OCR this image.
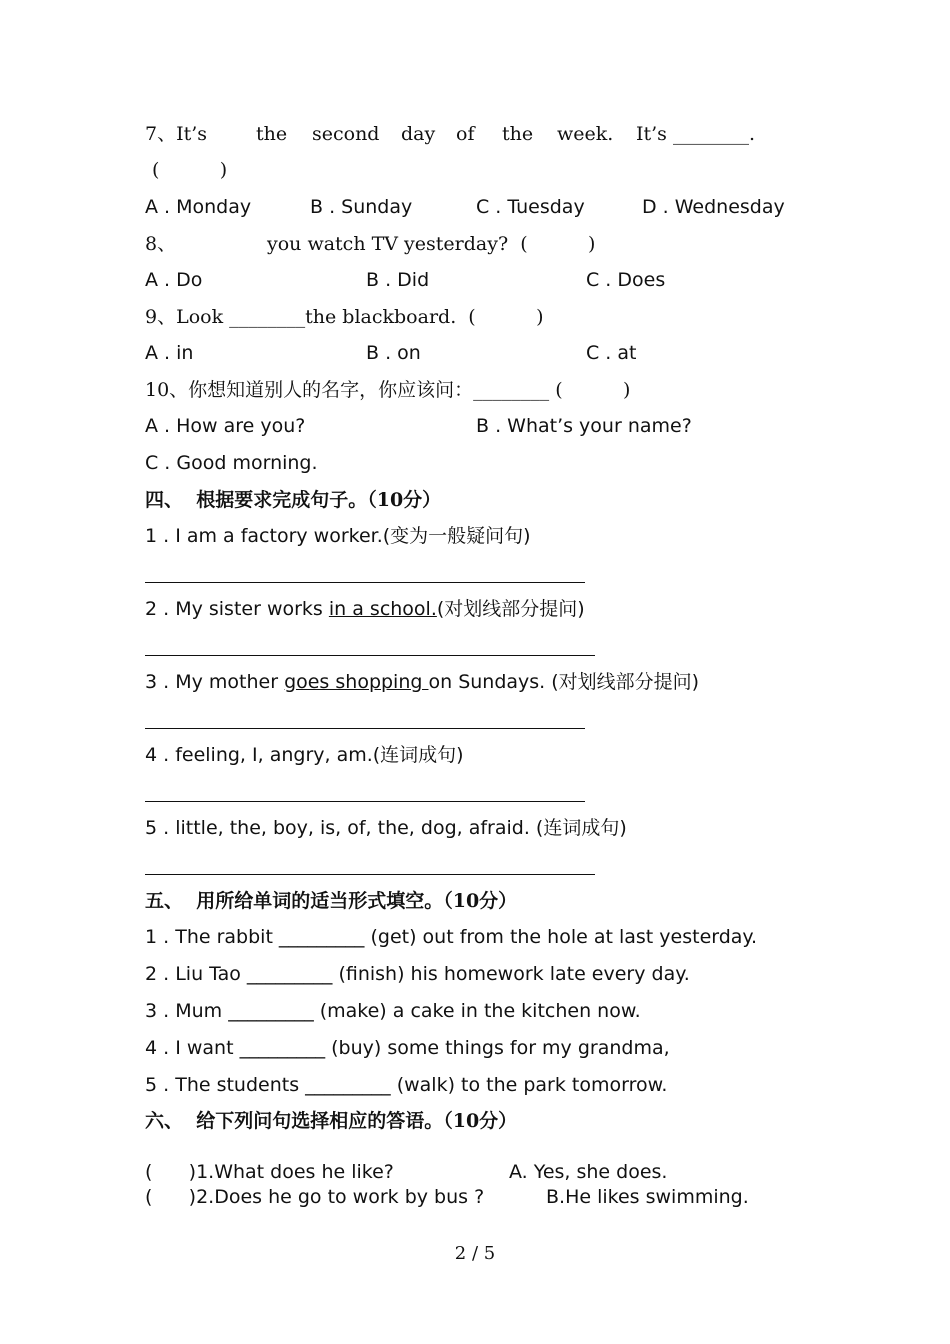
7、It’s	the second day of the week. It’s ________.
(          )
A . Monday	B . Sunday	C . Tuesday	D . Wednesday
8、	you watch TV yesterday?  (          )
A . Do	B . Did	C . Does
9、Look ________the blackboard.  (          )
A . in	B . on	C . at
10、你想知道别人的名字，你应该问：________ (          )
A . How are you?	B . What’s your name?
C . Good morning.
四、  根据要求完成句子。（10分）
1 . I am a factory worker.(变为一般疑问句)
2 . My sister works in a school.(对划线部分提问)
3 . My mother goes shopping on Sundays. (对划线部分提问)
4 . feeling, I, angry, am.(连词成句)
5 . little, the, boy, is, of, the, dog, afraid. (连词成句)
五、  用所给单词的适当形式填空。（10分）
1 . The rabbit _________ (get) out from the hole at last yesterday.
2 . Liu Tao _________ (finish) his homework late every day.
3 . Mum _________ (make) a cake in the kitchen now.
4 . I want _________ (buy) some things for my grandma,
5 . The students _________ (walk) to the park tomorrow.
六、  给下列问句选择相应的答语。（10分）
(      )1.What does he like?	A. Yes, she does.
(      )2.Does he go to work by bus ?	B.He likes swimming.
2 / 5
